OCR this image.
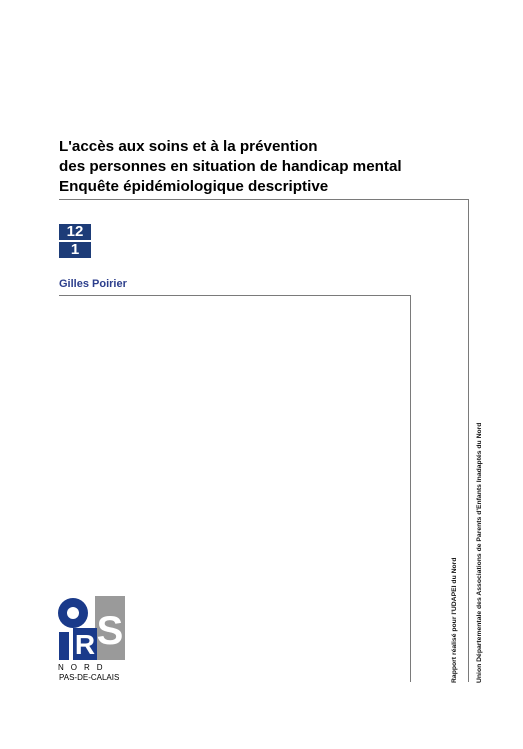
L'accès aux soins et à la prévention
des personnes en situation de handicap mental
Enquête épidémiologique descriptive
12
1
Gilles Poirier
Rapport réalisé pour l'UDAPEI du Nord	Union Départementale des Associations de Parents d'Enfants Inadaptés du Nord
R S
O
NORD
PAS-DE-CALAIS
